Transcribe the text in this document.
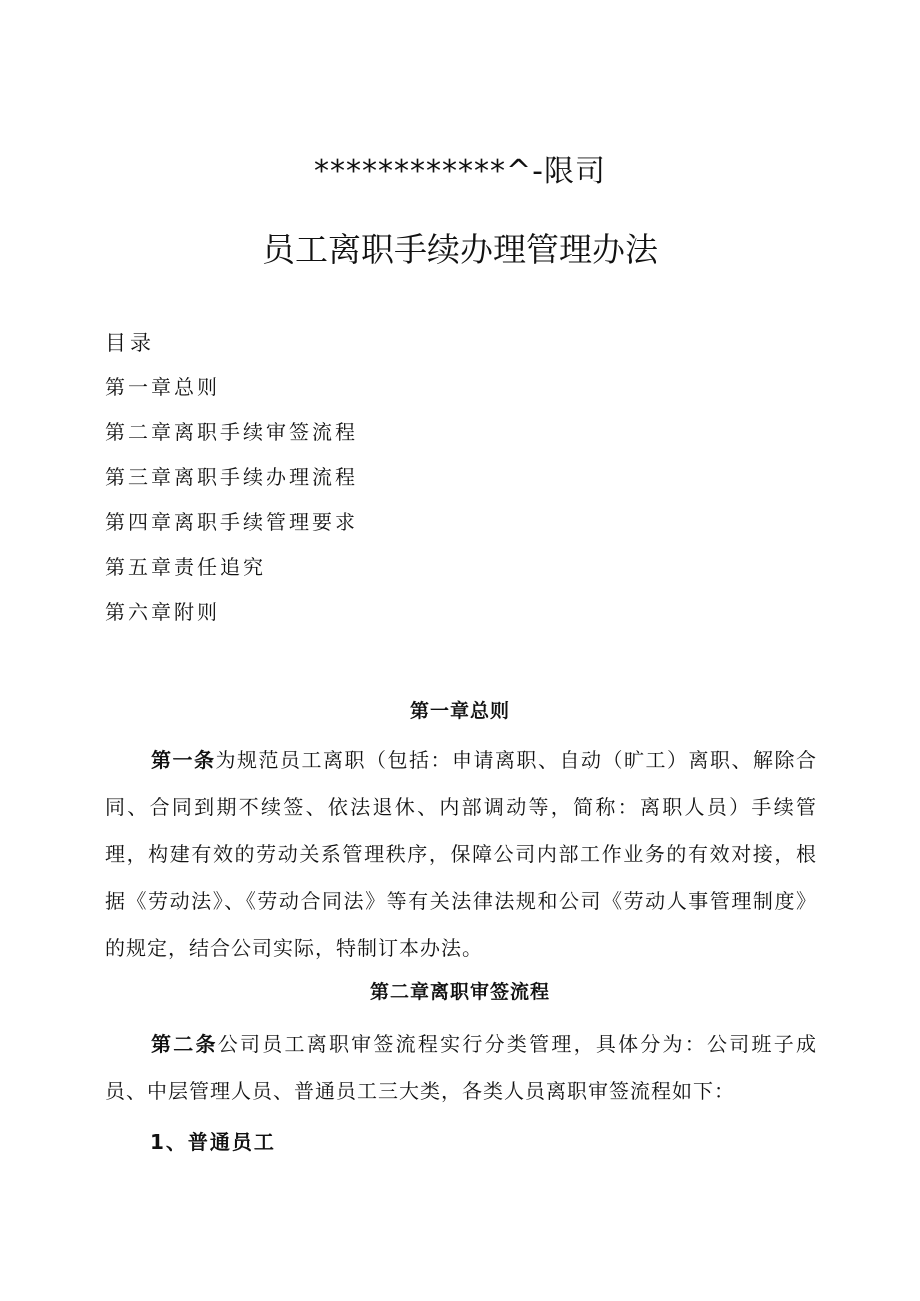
************^-限司
员工离职手续办理管理办法
目录
第一章总则
第二章离职手续审签流程
第三章离职手续办理流程
第四章离职手续管理要求
第五章责任追究
第六章附则
第一章总则

第一条为规范员工离职（包括：申请离职、自动（旷工）离职、解除合同、合同到期不续签、依法退休、内部调动等，简称：离职人员）手续管理，构建有效的劳动关系管理秩序，保障公司内部工作业务的有效对接，根据《劳动法》、《劳动合同法》等有关法律法规和公司《劳动人事管理制度》的规定，结合公司实际，特制订本办法。

第二章离职审签流程

第二条公司员工离职审签流程实行分类管理，具体分为：公司班子成员、中层管理人员、普通员工三大类，各类人员离职审签流程如下：

1、普通员工
